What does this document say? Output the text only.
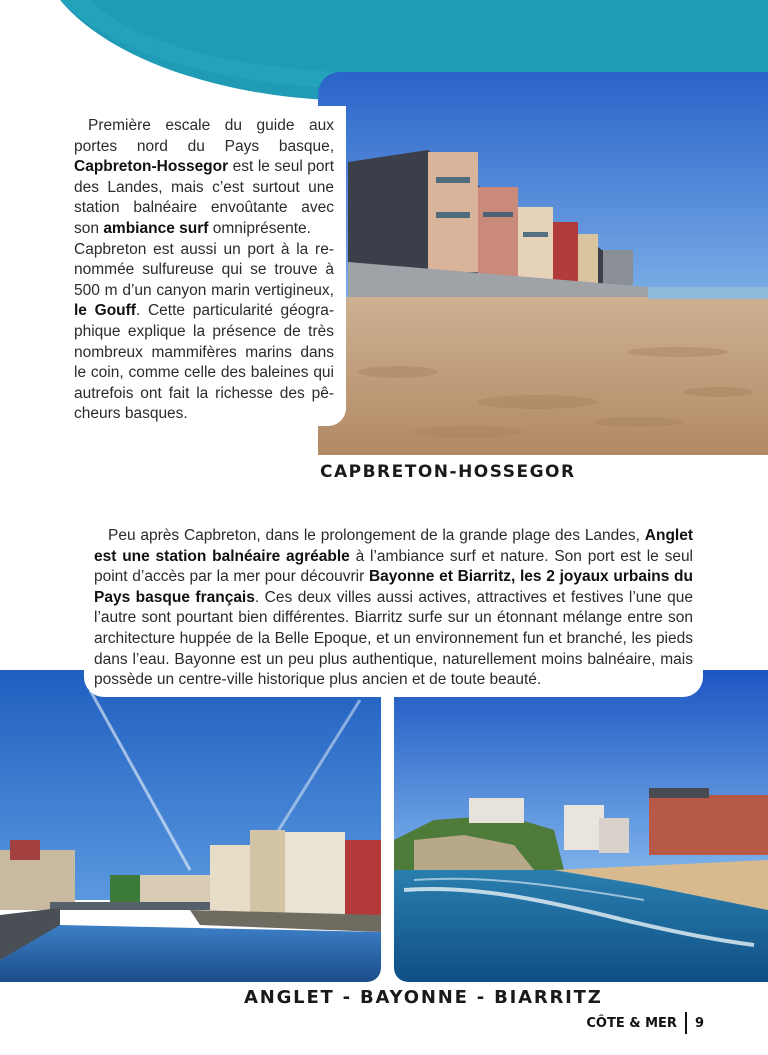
Première escale du guide aux portes nord du Pays basque, Capbreton-Hossegor est le seul port des Landes, mais c’est surtout une station balnéaire envoûtante avec son ambiance surf omniprésente.

Capbreton est aussi un port à la renommée sulfureuse qui se trouve à 500 m d’un canyon marin vertigineux, le Gouff. Cette particularité géographique explique la présence de très nombreux mammifères marins dans le coin, comme celle des baleines qui autrefois ont fait la richesse des pêcheurs basques.

CAPBRETON-HOSSEGOR

Peu après Capbreton, dans le prolongement de la grande plage des Landes, Anglet est une station balnéaire agréable à l’ambiance surf et nature. Son port est le seul point d’accès par la mer pour découvrir Bayonne et Biarritz, les 2 joyaux urbains du Pays basque français. Ces deux villes aussi actives, attractives et festives l’une que l’autre sont pourtant bien différentes. Biarritz surfe sur un étonnant mélange entre son architecture huppée de la Belle Epoque, et un environnement fun et branché, les pieds dans l’eau. Bayonne est un peu plus authentique, naturellement moins balnéaire, mais possède un centre-ville historique plus ancien et de toute beauté.

ANGLET - BAYONNE - BIARRITZ
CÔTE & MER 9
